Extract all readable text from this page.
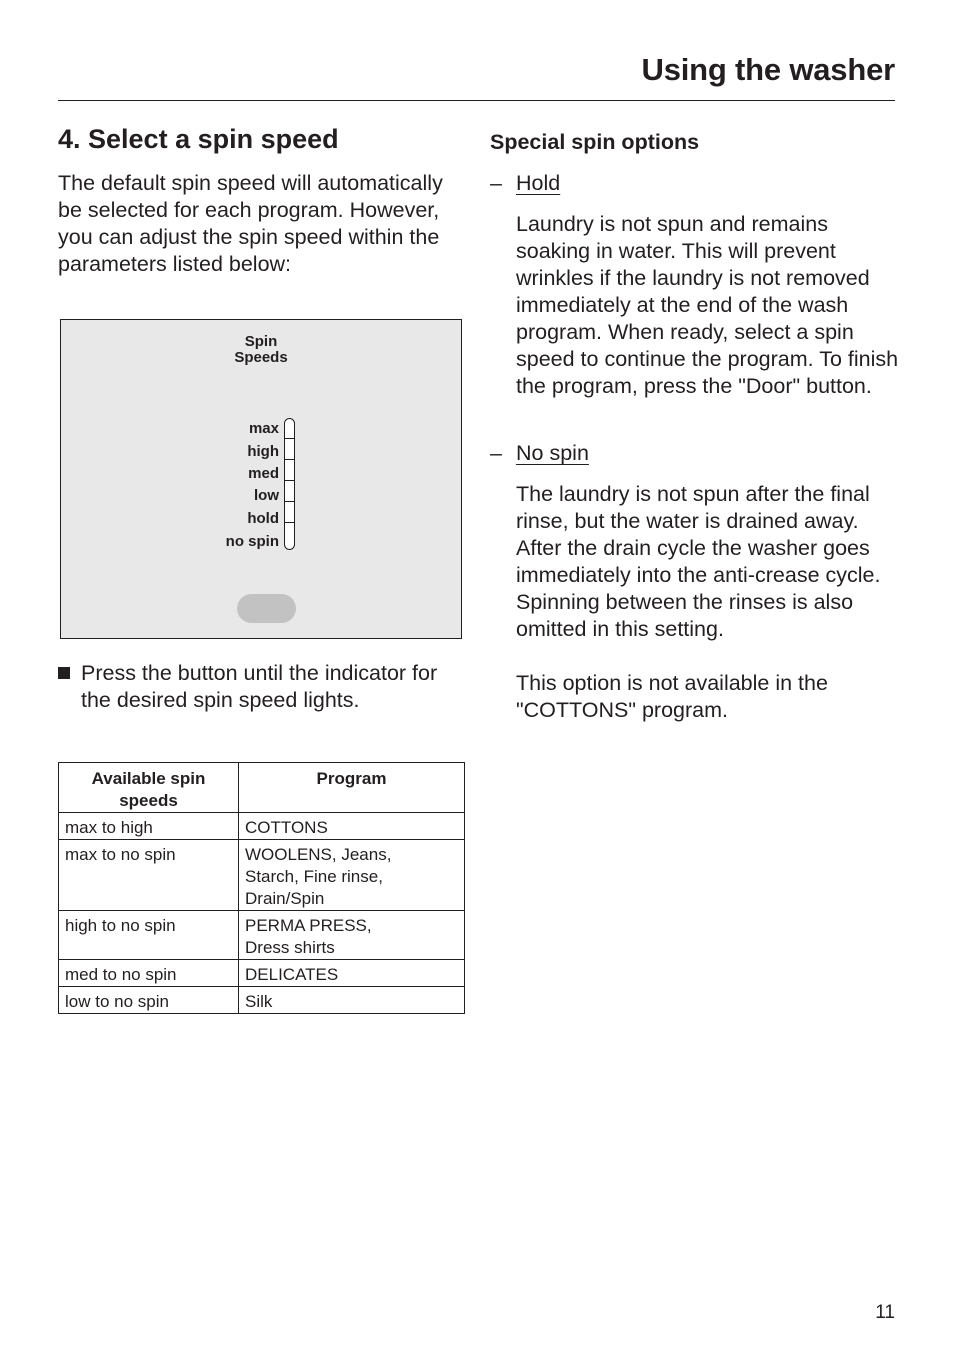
Using the washer
4. Select a spin speed

The default spin speed will automatically be selected for each program. However, you can adjust the spin speed within the parameters listed below:

Spin
Speeds
max
high
med
low
hold
no spin
Press the button until the indicator for the desired spin speed lights.
Available spin speeds	Program
max to high	COTTONS
max to no spin	WOOLENS, Jeans, Starch, Fine rinse, Drain/Spin
high to no spin	PERMA PRESS, Dress shirts
med to no spin	DELICATES
low to no spin	Silk
Special spin options
– Hold

Laundry is not spun and remains soaking in water. This will prevent wrinkles if the laundry is not removed immediately at the end of the wash program. When ready, select a spin speed to continue the program. To finish the program, press the "Door" button.

– No spin

The laundry is not spun after the final rinse, but the water is drained away. After the drain cycle the washer goes immediately into the anti-crease cycle. Spinning between the rinses is also omitted in this setting.

This option is not available in the "COTTONS" program.

11
